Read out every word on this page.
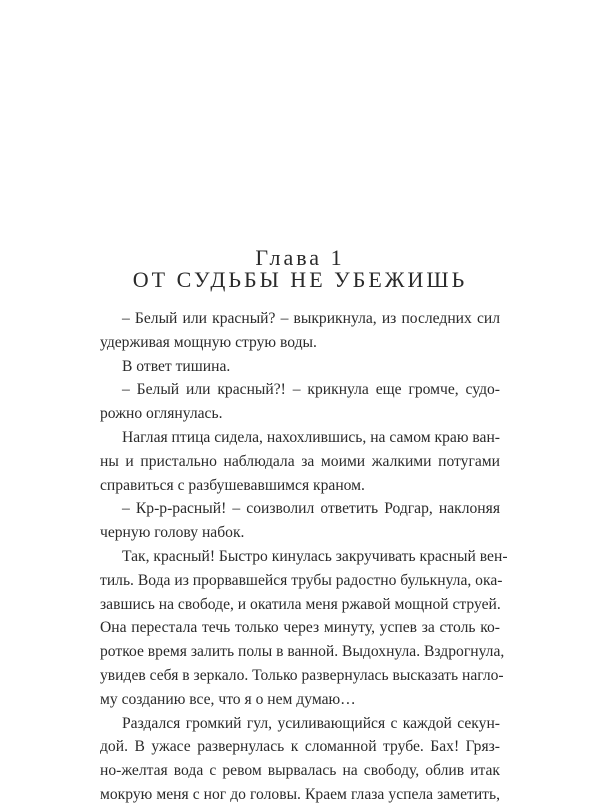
Глава 1
ОТ СУДЬБЫ НЕ УБЕЖИШЬ
– Белый или красный? – выкрикнула, из последних сил
удерживая мощную струю воды.
В ответ тишина.
– Белый или красный?! – крикнула еще громче, судо-
рожно оглянулась.
Наглая птица сидела, нахохлившись, на самом краю ван-
ны и пристально наблюдала за моими жалкими потугами
справиться с разбушевавшимся краном.
– Кр-р-расный! – соизволил ответить Родгар, наклоняя
черную голову набок.
Так, красный! Быстро кинулась закручивать красный вен-
тиль. Вода из прорвавшейся трубы радостно булькнула, ока-
завшись на свободе, и окатила меня ржавой мощной струей.
Она перестала течь только через минуту, успев за столь ко-
роткое время залить полы в ванной. Выдохнула. Вздрогнула,
увидев себя в зеркало. Только развернулась высказать нагло-
му созданию все, что я о нем думаю…
Раздался громкий гул, усиливающийся с каждой секун-
дой. В ужасе развернулась к сломанной трубе. Бах! Гряз-
но-желтая вода с ревом вырвалась на свободу, облив итак
мокрую меня с ног до головы. Краем глаза успела заметить,
